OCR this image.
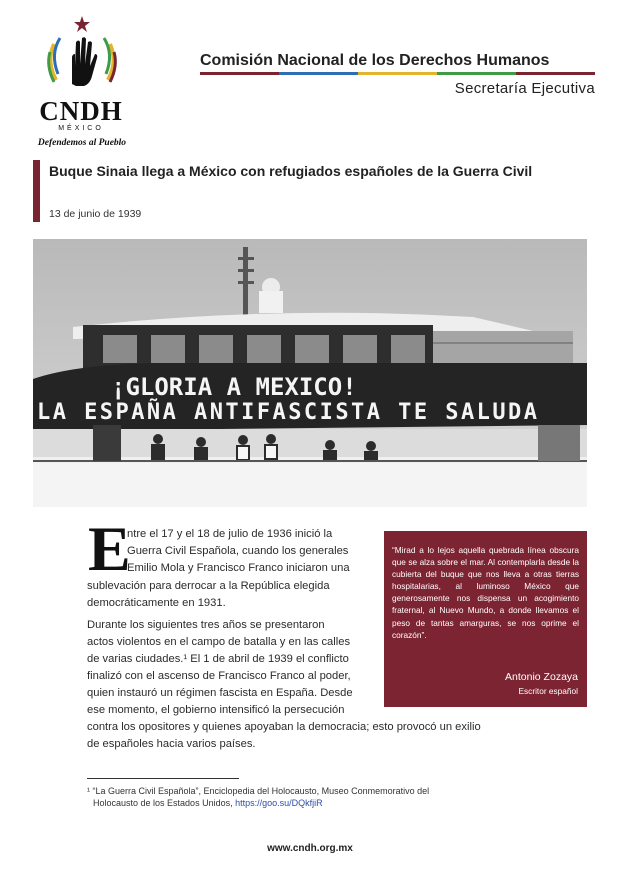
CNDH
MÉXICO
Defendemos al Pueblo
Comisión Nacional de los Derechos Humanos
Secretaría Ejecutiva
Buque Sinaia llega a México con refugiados españoles de la Guerra Civil
13 de junio de 1939
¡GLORIA A MEXICO!
LA ESPAÑA ANTIFASCISTA TE SALUDA
E
ntre el 17 y el 18 de julio de 1936 inició la
Guerra Civil Española, cuando los generales
Emilio Mola y Francisco Franco iniciaron una
sublevación para derrocar a la República elegida
democráticamente en 1931.
Durante los siguientes tres años se presentaron
actos violentos en el campo de batalla y en las calles
de varias ciudades.¹ El 1 de abril de 1939 el conflicto
finalizó con el ascenso de Francisco Franco al poder,
quien instauró un régimen fascista en España. Desde
ese momento, el gobierno intensificó la persecución
contra los opositores y quienes apoyaban la democracia; esto provocó un exilio
de españoles hacia varios países.
“Mirad a lo lejos aquella quebrada línea obscura que se alza sobre el mar. Al contemplarla desde la cubierta del buque que nos lleva a otras tierras hospitalarias, al luminoso México que generosamente nos dispensa un acogimiento fraternal, al Nuevo Mundo, a donde llevamos el peso de tantas amarguras, se nos oprime el corazón”.
Antonio Zozaya
Escritor español
¹ “La Guerra Civil Española”, Enciclopedia del Holocausto, Museo Conmemorativo del
Holocausto de los Estados Unidos, https://goo.su/DQkfjiR
www.cndh.org.mx
